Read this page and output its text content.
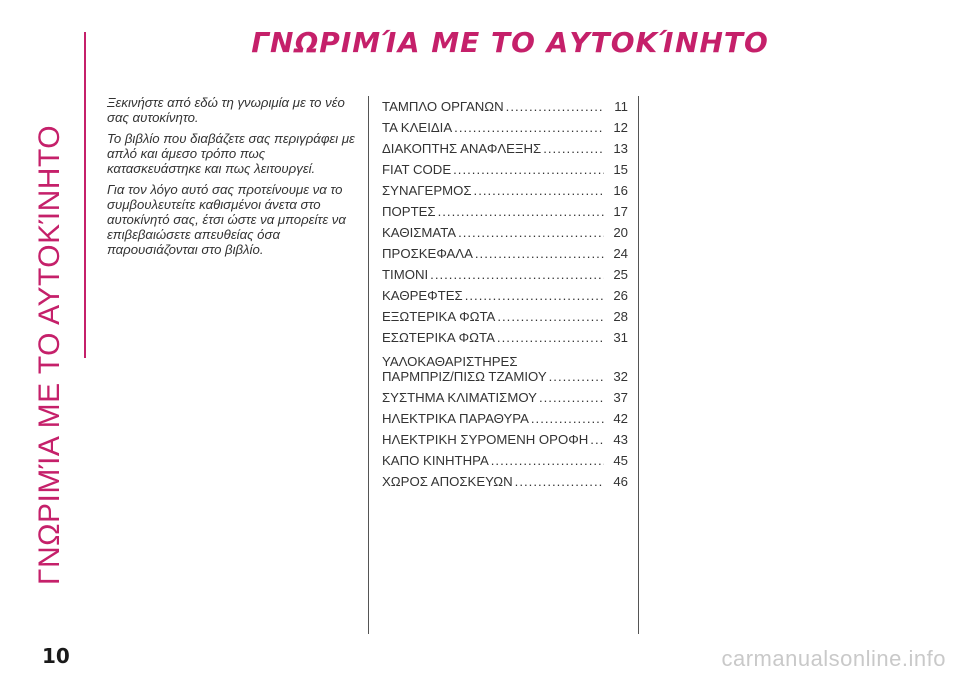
ΓΝΩΡΙΜΊΑ ΜΕ ΤΟ ΑΥΤΟΚΊΝΗΤΟ
ΓΝΩΡΙΜΊΑ ΜΕ ΤΟ ΑΥΤΟΚΊΝΗΤΟ

Ξεκινήστε από εδώ τη γνωριμία με το νέο σας αυτοκίνητο.

Το βιβλίο που διαβάζετε σας περιγράφει με απλό και άμεσο τρόπο πως κατασκευάστηκε και πως λειτουργεί.

Για τον λόγο αυτό σας προτείνουμε να το συμβουλευτείτε καθισμένοι άνετα στο αυτοκίνητό σας, έτσι ώστε να μπορείτε να επιβεβαιώσετε απευθείας όσα παρουσιάζονται στο βιβλίο.

ΤΑΜΠΛΟ ΟΡΓΑΝΩΝ .....	11
ΤΑ ΚΛΕΙΔΙΑ .....	12
ΔΙΑΚΟΠΤΗΣ ΑΝΑΦΛΕΞΗΣ .....	13
FIAT CODE .....	15
ΣΥΝΑΓΕΡΜΟΣ .....	16
ΠΟΡΤΕΣ .....	17
ΚΑΘΙΣΜΑΤΑ .....	20
ΠΡΟΣΚΕΦΑΛΑ .....	24
ΤΙΜΟΝΙ .....	25
ΚΑΘΡΕΦΤΕΣ .....	26
ΕΞΩΤΕΡΙΚΑ ΦΩΤΑ .....	28
ΕΣΩΤΕΡΙΚΑ ΦΩΤΑ .....	31
ΥΑΛΟΚΑΘΑΡΙΣΤΗΡΕΣ
ΠΑΡΜΠΡΙΖ/ΠΙΣΩ ΤΖΑΜΙΟΥ .....	32
ΣΥΣΤΗΜΑ ΚΛΙΜΑΤΙΣΜΟΥ .....	37
ΗΛΕΚΤΡΙΚΑ ΠΑΡΑΘΥΡΑ .....	42
ΗΛΕΚΤΡΙΚΗ ΣΥΡΟΜΕΝΗ ΟΡΟΦΗ .....	43
ΚΑΠΟ ΚΙΝΗΤΗΡΑ .....	45
ΧΩΡΟΣ ΑΠΟΣΚΕΥΩΝ .....	46
10	carmanualsonline.info
